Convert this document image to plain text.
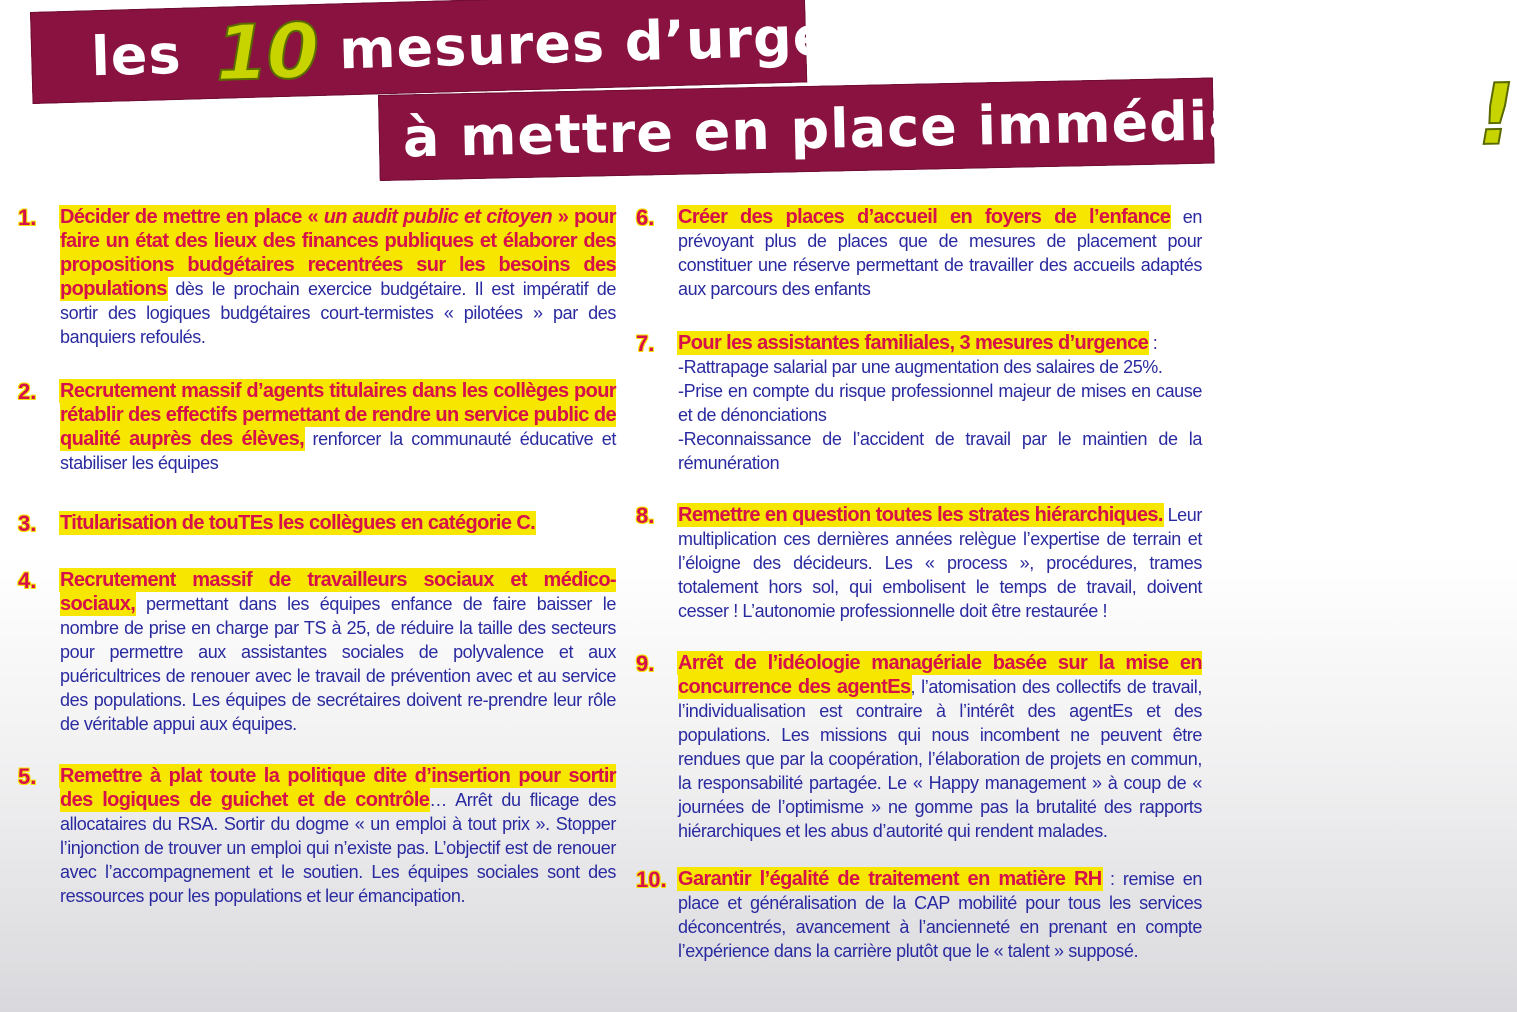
les 10 mesures d’urgence
à mettre en place immédiatement !
1.	Décider de mettre en place « un audit public et citoyen » pour faire un état des lieux des finances publiques et élaborer des propositions budgétaires recentrées sur les besoins des populations dès le prochain exercice budgétaire. Il est impératif de sortir des logiques budgétaires court-termistes « pilotées » par des banquiers refoulés.
2.	Recrutement massif d’agents titulaires dans les collèges pour rétablir des effectifs permettant de rendre un service public de qualité auprès des élèves, renforcer la communauté éducative et stabiliser les équipes
3.	Titularisation de touTEs les collègues en catégorie C.
4.	Recrutement massif de travailleurs sociaux et médico-sociaux, permettant dans les équipes enfance de faire baisser le nombre de prise en charge par TS à 25, de réduire la taille des secteurs pour permettre aux assistantes sociales de polyvalence et aux puéricultrices de renouer avec le travail de prévention avec et au service des populations. Les équipes de secrétaires doivent re-prendre leur rôle de véritable appui aux équipes.
5.	Remettre à plat toute la politique dite d’insertion pour sortir des logiques de guichet et de contrôle… Arrêt du flicage des allocataires du RSA. Sortir du dogme « un emploi à tout prix ». Stopper l’injonction de trouver un emploi qui n’existe pas. L’objectif est de renouer avec l’accompagnement et le soutien. Les équipes sociales sont des ressources pour les populations et leur émancipation.
6.	Créer des places d’accueil en foyers de l’enfance en prévoyant plus de places que de mesures de placement pour constituer une réserve permettant de travailler des accueils adaptés aux parcours des enfants
7.	Pour les assistantes familiales, 3 mesures d’urgence :
-Rattrapage salarial par une augmentation des salaires de 25%.
-Prise en compte du risque professionnel majeur de mises en cause et de dénonciations
-Reconnaissance de l’accident de travail par le maintien de la rémunération
8.	Remettre en question toutes les strates hiérarchiques. Leur multiplication ces dernières années relègue l’expertise de terrain et l’éloigne des décideurs. Les « process », procédures, trames totalement hors sol, qui embolisent le temps de travail, doivent cesser ! L’autonomie professionnelle doit être restaurée !
9.	Arrêt de l’idéologie managériale basée sur la mise en concurrence des agentEs, l’atomisation des collectifs de travail, l’individualisation est contraire à l’intérêt des agentEs et des populations. Les missions qui nous incombent ne peuvent être rendues que par la coopération, l’élaboration de projets en commun, la responsabilité partagée. Le « Happy management » à coup de « journées de l’optimisme » ne gomme pas la brutalité des rapports hiérarchiques et les abus d’autorité qui rendent malades.
10. Garantir l’égalité de traitement en matière RH : remise en place et généralisation de la CAP mobilité pour tous les services déconcentrés, avancement à l’ancienneté en prenant en compte l’expérience dans la carrière plutôt que le « talent » supposé.
